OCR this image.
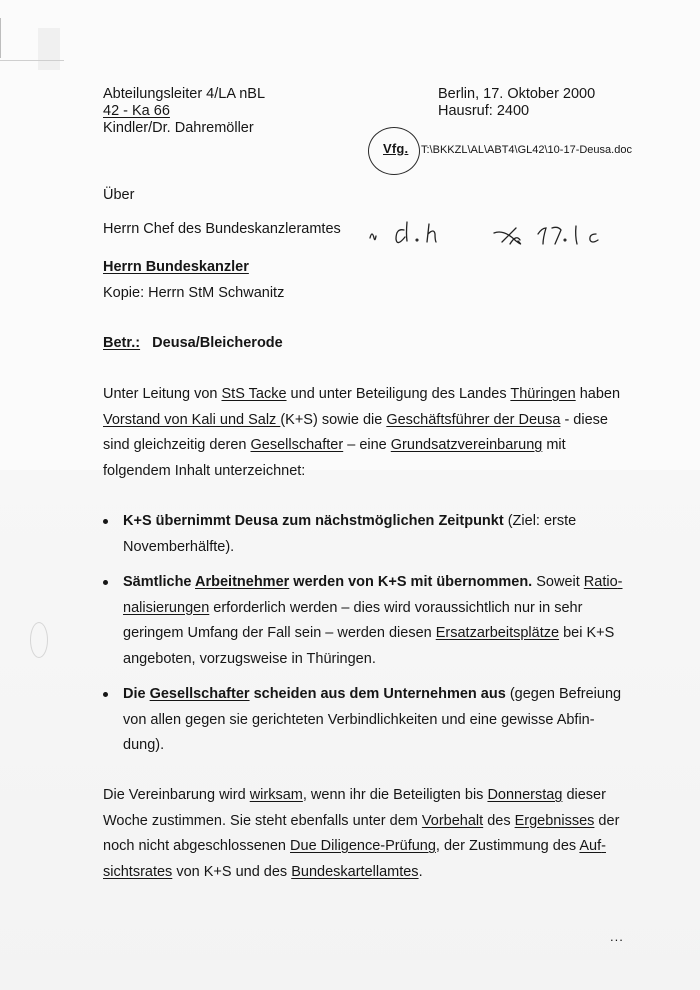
Abteilungsleiter 4/LA nBL
42 - Ka 66
Kindler/Dr. Dahremöller
Berlin, 17. Oktober 2000
Hausruf: 2400
Vfg. T:\BKKZL\AL\ABT4\GL42\10-17-Deusa.doc
Über
Herrn Chef des Bundeskanzleramtes
Herrn Bundeskanzler
Kopie: Herrn StM Schwanitz
Betr.: Deusa/Bleicherode

Unter Leitung von StS Tacke und unter Beteiligung des Landes Thüringen haben Vorstand von Kali und Salz (K+S) sowie die Geschäftsführer der Deusa - diese sind gleichzeitig deren Gesellschafter – eine Grundsatzvereinbarung mit folgendem Inhalt unterzeichnet:

K+S übernimmt Deusa zum nächstmöglichen Zeitpunkt (Ziel: erste Novemberhälfte).
Sämtliche Arbeitnehmer werden von K+S mit übernommen. Soweit Rationalisierungen erforderlich werden – dies wird voraussichtlich nur in sehr geringem Umfang der Fall sein – werden diesen Ersatzarbeitsplätze bei K+S angeboten, vorzugsweise in Thüringen.
Die Gesellschafter scheiden aus dem Unternehmen aus (gegen Befreiung von allen gegen sie gerichteten Verbindlichkeiten und eine gewisse Abfindung).

Die Vereinbarung wird wirksam, wenn ihr die Beteiligten bis Donnerstag dieser Woche zustimmen. Sie steht ebenfalls unter dem Vorbehalt des Ergebnisses der noch nicht abgeschlossenen Due Diligence-Prüfung, der Zustimmung des Aufsichtsrates von K+S und des Bundeskartellamtes.

...
